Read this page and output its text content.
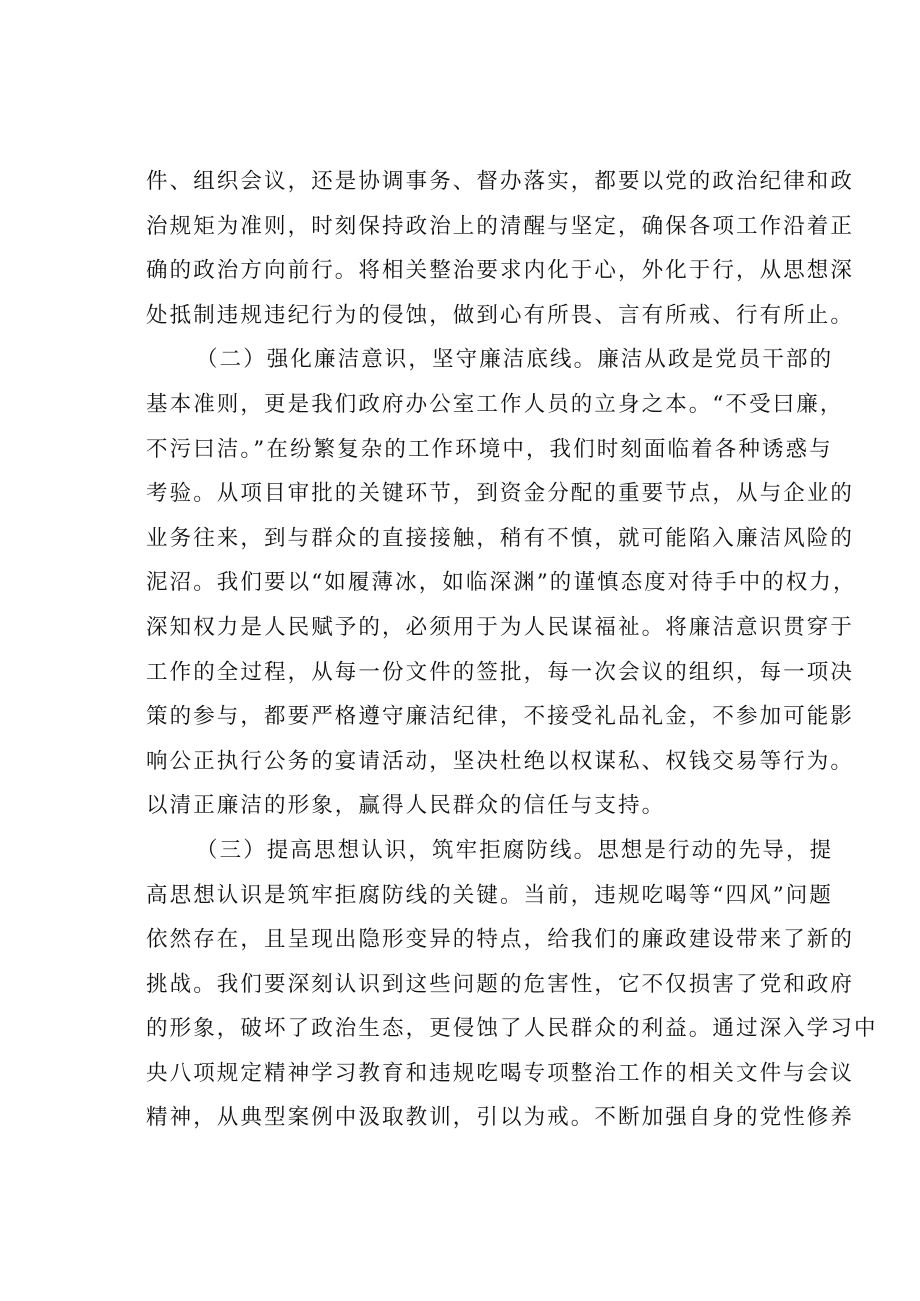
件、组织会议，还是协调事务、督办落实，都要以党的政治纪律和政
治规矩为准则，时刻保持政治上的清醒与坚定，确保各项工作沿着正
确的政治方向前行。将相关整治要求内化于心，外化于行，从思想深
处抵制违规违纪行为的侵蚀，做到心有所畏、言有所戒、行有所止。
（二）强化廉洁意识，坚守廉洁底线。廉洁从政是党员干部的
基本准则，更是我们政府办公室工作人员的立身之本。“不受曰廉，
不污曰洁。”在纷繁复杂的工作环境中，我们时刻面临着各种诱惑与
考验。从项目审批的关键环节，到资金分配的重要节点，从与企业的
业务往来，到与群众的直接接触，稍有不慎，就可能陷入廉洁风险的
泥沼。我们要以“如履薄冰，如临深渊”的谨慎态度对待手中的权力，
深知权力是人民赋予的，必须用于为人民谋福祉。将廉洁意识贯穿于
工作的全过程，从每一份文件的签批，每一次会议的组织，每一项决
策的参与，都要严格遵守廉洁纪律，不接受礼品礼金，不参加可能影
响公正执行公务的宴请活动，坚决杜绝以权谋私、权钱交易等行为。
以清正廉洁的形象，赢得人民群众的信任与支持。
（三）提高思想认识，筑牢拒腐防线。思想是行动的先导，提
高思想认识是筑牢拒腐防线的关键。当前，违规吃喝等“四风”问题
依然存在，且呈现出隐形变异的特点，给我们的廉政建设带来了新的
挑战。我们要深刻认识到这些问题的危害性，它不仅损害了党和政府
的形象，破坏了政治生态，更侵蚀了人民群众的利益。通过深入学习中
央八项规定精神学习教育和违规吃喝专项整治工作的相关文件与会议
精神，从典型案例中汲取教训，引以为戒。不断加强自身的党性修养
